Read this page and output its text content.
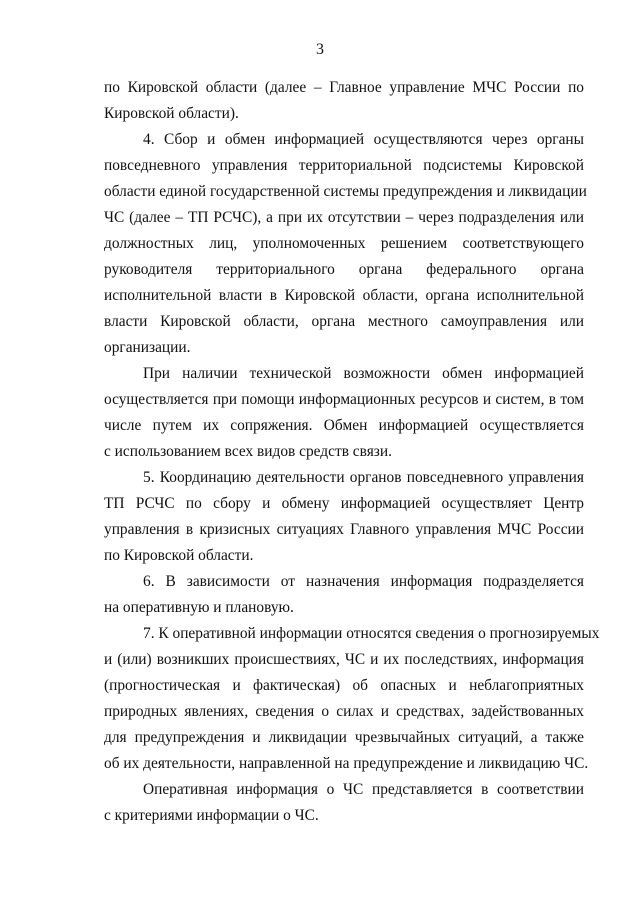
3
по Кировской области (далее – Главное управление МЧС России по
Кировской области).
4. Сбор и обмен информацией осуществляются через органы
повседневного управления территориальной подсистемы Кировской
области единой государственной системы предупреждения и ликвидации
ЧС (далее – ТП РСЧС), а при их отсутствии – через подразделения или
должностных лиц, уполномоченных решением соответствующего
руководителя территориального органа федерального органа
исполнительной власти в Кировской области, органа исполнительной
власти Кировской области, органа местного самоуправления или
организации.
При наличии технической возможности обмен информацией
осуществляется при помощи информационных ресурсов и систем, в том
числе путем их сопряжения. Обмен информацией осуществляется
с использованием всех видов средств связи.
5. Координацию деятельности органов повседневного управления
ТП РСЧС по сбору и обмену информацией осуществляет Центр
управления в кризисных ситуациях Главного управления МЧС России
по Кировской области.
6. В зависимости от назначения информация подразделяется
на оперативную и плановую.
7. К оперативной информации относятся сведения о прогнозируемых
и (или) возникших происшествиях, ЧС и их последствиях, информация
(прогностическая и фактическая) об опасных и неблагоприятных
природных явлениях, сведения о силах и средствах, задействованных
для предупреждения и ликвидации чрезвычайных ситуаций, а также
об их деятельности, направленной на предупреждение и ликвидацию ЧС.
Оперативная информация о ЧС представляется в соответствии
с критериями информации о ЧС.
